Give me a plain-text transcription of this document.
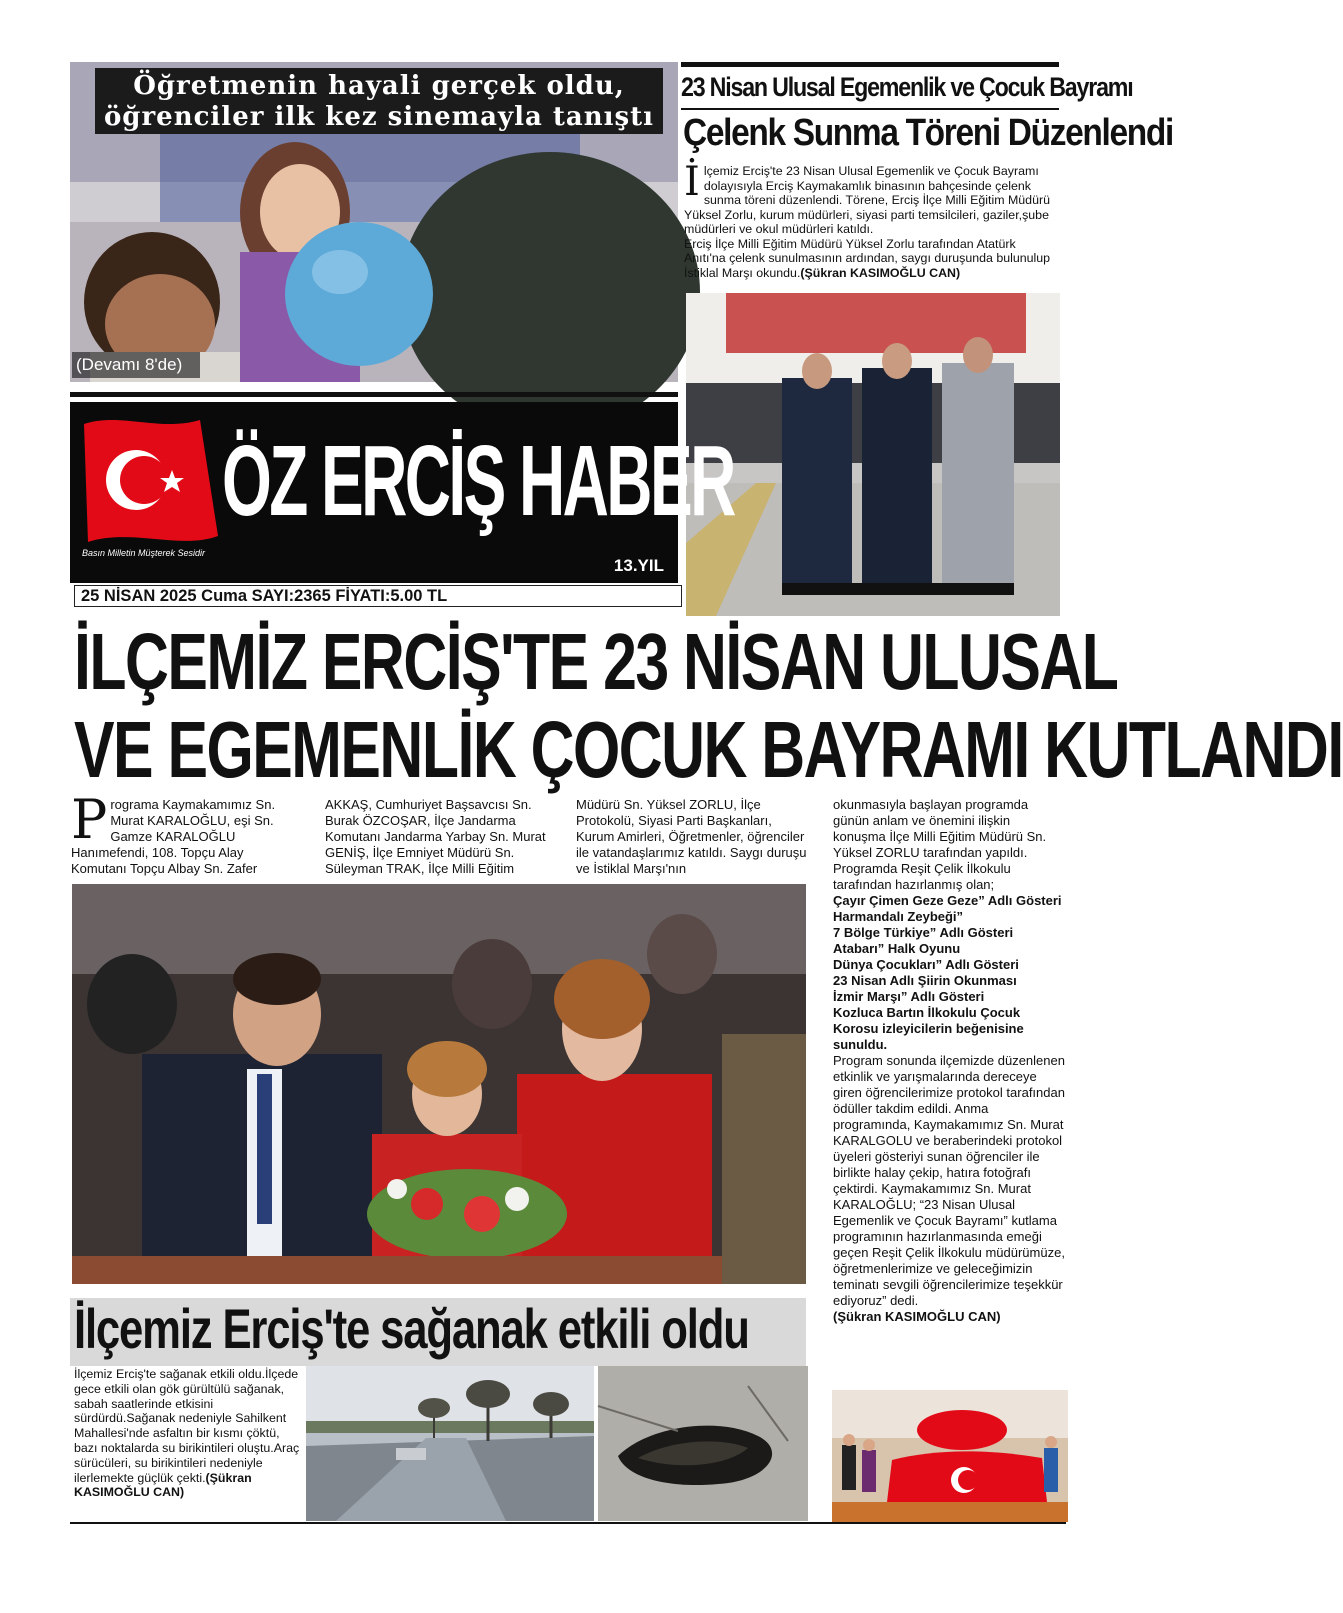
Öğretmenin hayali gerçek oldu,
öğrenciler ilk kez sinemayla tanıştı
(Devamı 8'de)
23 Nisan Ulusal Egemenlik ve Çocuk Bayramı
Çelenk Sunma Töreni Düzenlendi
İ lçemiz Erciş'te 23 Nisan Ulusal Egemenlik ve Çocuk Bayramı dolayısıyla Erciş Kaymakamlık binasının bahçesinde çelenk sunma töreni düzenlendi. Törene, Erciş İlçe Milli Eğitim Müdürü Yüksel Zorlu, kurum müdürleri, siyasi parti temsilcileri, gaziler,şube müdürleri ve okul müdürleri katıldı.
Erciş İlçe Milli Eğitim Müdürü Yüksel Zorlu tarafından Atatürk Anıtı'na çelenk sunulmasının ardından, saygı duruşunda bulunulup İstiklal Marşı okundu.(Şükran KASIMOĞLU CAN)
ÖZ ERCİŞ HABER
Basın Milletin Müşterek Sesidir
13.YIL
25 NİSAN 2025 Cuma SAYI:2365 FİYATI:5.00 TL
İLÇEMİZ ERCİŞ'TE 23 NİSAN ULUSAL
VE EGEMENLİK ÇOCUK BAYRAMI KUTLANDI
P rograma Kaymakamımız Sn. Murat KARALOĞLU, eşi Sn. Gamze KARALOĞLU Hanımefendi, 108. Topçu Alay Komutanı Topçu Albay Sn. Zafer
AKKAŞ, Cumhuriyet Başsavcısı Sn. Burak ÖZCOŞAR, İlçe Jandarma Komutanı Jandarma Yarbay Sn. Murat GENİŞ, İlçe Emniyet Müdürü Sn. Süleyman TRAK, İlçe Milli Eğitim
Müdürü Sn. Yüksel ZORLU, İlçe Protokolü, Siyasi Parti Başkanları, Kurum Amirleri, Öğretmenler, öğrenciler ile vatandaşlarımız katıldı. Saygı duruşu ve İstiklal Marşı'nın
okunmasıyla başlayan programda günün anlam ve önemini ilişkin konuşma İlçe Milli Eğitim Müdürü Sn. Yüksel ZORLU tarafından yapıldı. Programda Reşit Çelik İlkokulu tarafından hazırlanmış olan;
Çayır Çimen Geze Geze” Adlı Gösteri
Harmandalı Zeybeği”
7 Bölge Türkiye” Adlı Gösteri
Atabarı” Halk Oyunu
Dünya Çocukları” Adlı Gösteri
23 Nisan Adlı Şiirin Okunması
İzmir Marşı” Adlı Gösteri
Kozluca Bartın İlkokulu Çocuk Korosu izleyicilerin beğenisine sunuldu.
Program sonunda ilçemizde düzenlenen etkinlik ve yarışmalarında dereceye giren öğrencilerimize protokol tarafından ödüller takdim edildi. Anma programında, Kaymakamımız Sn. Murat KARALGOLU ve beraberindeki protokol üyeleri gösteriyi sunan öğrenciler ile birlikte halay çekip, hatıra fotoğrafı çektirdi. Kaymakamımız Sn. Murat KARALOĞLU; “23 Nisan Ulusal Egemenlik ve Çocuk Bayramı” kutlama programının hazırlanmasında emeği geçen Reşit Çelik İlkokulu müdürümüze, öğretmenlerimize ve geleceğimizin teminatı sevgili öğrencilerimize teşekkür ediyoruz” dedi.
(Şükran KASIMOĞLU CAN)
İlçemiz Erciş'te sağanak etkili oldu
İlçemiz Erciş'te sağanak etkili oldu.İlçede gece etkili olan gök gürültülü sağanak, sabah saatlerinde etkisini sürdürdü.Sağanak nedeniyle Sahilkent Mahallesi'nde asfaltın bir kısmı çöktü, bazı noktalarda su birikintileri oluştu.Araç sürücüleri, su birikintileri nedeniyle ilerlemekte güçlük çekti.(Şükran KASIMOĞLU CAN)
